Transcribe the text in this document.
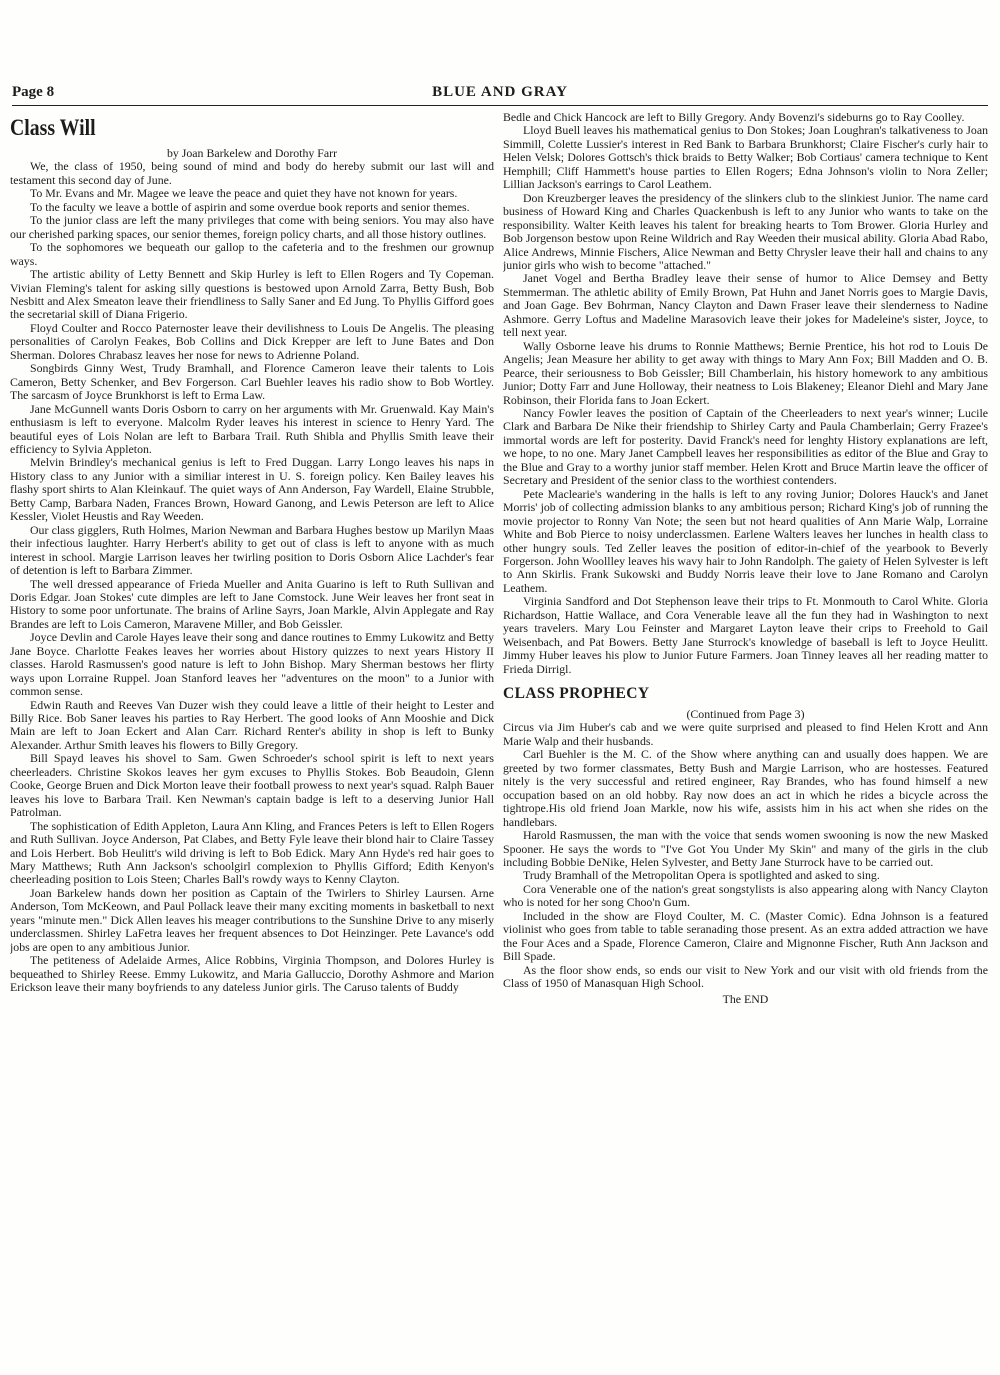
Page 8	BLUE AND GRAY
Class Will

by Joan Barkelew and Dorothy Farr

We, the class of 1950, being sound of mind and body do hereby submit our last will and testament this second day of June.

To Mr. Evans and Mr. Magee we leave the peace and quiet they have not known for years.

To the faculty we leave a bottle of aspirin and some overdue book reports and senior themes.

To the junior class are left the many privileges that come with being seniors. You may also have our cherished parking spaces, our senior themes, foreign policy charts, and all those history outlines.

To the sophomores we bequeath our gallop to the cafeteria and to the freshmen our grownup ways.

The artistic ability of Letty Bennett and Skip Hurley is left to Ellen Rogers and Ty Copeman. Vivian Fleming's talent for asking silly questions is bestowed upon Arnold Zarra, Betty Bush, Bob Nesbitt and Alex Smeaton leave their friendliness to Sally Saner and Ed Jung. To Phyllis Gifford goes the secretarial skill of Diana Frigerio.

Floyd Coulter and Rocco Paternoster leave their devilishness to Louis De Angelis. The pleasing personalities of Carolyn Feakes, Bob Collins and Dick Krepper are left to June Bates and Don Sherman. Dolores Chrabasz leaves her nose for news to Adrienne Poland.

Songbirds Ginny West, Trudy Bramhall, and Florence Cameron leave their talents to Lois Cameron, Betty Schenker, and Bev Forgerson. Carl Buehler leaves his radio show to Bob Wortley. The sarcasm of Joyce Brunkhorst is left to Erma Law.

Jane McGunnell wants Doris Osborn to carry on her arguments with Mr. Gruenwald. Kay Main's enthusiasm is left to everyone. Malcolm Ryder leaves his interest in science to Henry Yard. The beautiful eyes of Lois Nolan are left to Barbara Trail. Ruth Shibla and Phyllis Smith leave their efficiency to Sylvia Appleton.

Melvin Brindley's mechanical genius is left to Fred Duggan. Larry Longo leaves his naps in History class to any Junior with a similiar interest in U. S. foreign policy. Ken Bailey leaves his flashy sport shirts to Alan Kleinkauf. The quiet ways of Ann Anderson, Fay Wardell, Elaine Strubble, Betty Camp, Barbara Naden, Frances Brown, Howard Ganong, and Lewis Peterson are left to Alice Kessler, Violet Heustis and Ray Weeden.

Our class gigglers, Ruth Holmes, Marion Newman and Barbara Hughes bestow up Marilyn Maas their infectious laughter. Harry Herbert's ability to get out of class is left to anyone with as much interest in school. Margie Larrison leaves her twirling position to Doris Osborn Alice Lachder's fear of detention is left to Barbara Zimmer.

The well dressed appearance of Frieda Mueller and Anita Guarino is left to Ruth Sullivan and Doris Edgar. Joan Stokes' cute dimples are left to Jane Comstock. June Weir leaves her front seat in History to some poor unfortunate. The brains of Arline Sayrs, Joan Markle, Alvin Applegate and Ray Brandes are left to Lois Cameron, Maravene Miller, and Bob Geissler.

Joyce Devlin and Carole Hayes leave their song and dance routines to Emmy Lukowitz and Betty Jane Boyce. Charlotte Feakes leaves her worries about History quizzes to next years History II classes. Harold Rasmussen's good nature is left to John Bishop. Mary Sherman bestows her flirty ways upon Lorraine Ruppel. Joan Stanford leaves her "adventures on the moon" to a Junior with common sense.

Edwin Rauth and Reeves Van Duzer wish they could leave a little of their height to Lester and Billy Rice. Bob Saner leaves his parties to Ray Herbert. The good looks of Ann Mooshie and Dick Main are left to Joan Eckert and Alan Carr. Richard Renter's ability in shop is left to Bunky Alexander. Arthur Smith leaves his flowers to Billy Gregory.

Bill Spayd leaves his shovel to Sam. Gwen Schroeder's school spirit is left to next years cheerleaders. Christine Skokos leaves her gym excuses to Phyllis Stokes. Bob Beaudoin, Glenn Cooke, George Bruen and Dick Morton leave their football prowess to next year's squad. Ralph Bauer leaves his love to Barbara Trail. Ken Newman's captain badge is left to a deserving Junior Hall Patrolman.

The sophistication of Edith Appleton, Laura Ann Kling, and Frances Peters is left to Ellen Rogers and Ruth Sullivan. Joyce Anderson, Pat Clabes, and Betty Fyle leave their blond hair to Claire Tassey and Lois Herbert. Bob Heulitt's wild driving is left to Bob Edick. Mary Ann Hyde's red hair goes to Mary Matthews; Ruth Ann Jackson's schoolgirl complexion to Phyllis Gifford; Edith Kenyon's cheerleading position to Lois Steen; Charles Ball's rowdy ways to Kenny Clayton.

Joan Barkelew hands down her position as Captain of the Twirlers to Shirley Laursen. Arne Anderson, Tom McKeown, and Paul Pollack leave their many exciting moments in basketball to next years "minute men." Dick Allen leaves his meager contributions to the Sunshine Drive to any miserly underclassmen. Shirley LaFetra leaves her frequent absences to Dot Heinzinger. Pete Lavance's odd jobs are open to any ambitious Junior.

The petiteness of Adelaide Armes, Alice Robbins, Virginia Thompson, and Dolores Hurley is bequeathed to Shirley Reese. Emmy Lukowitz, and Maria Galluccio, Dorothy Ashmore and Marion Erickson leave their many boyfriends to any dateless Junior girls. The Caruso talents of Buddy

Bedle and Chick Hancock are left to Billy Gregory. Andy Bovenzi's sideburns go to Ray Coolley.

Lloyd Buell leaves his mathematical genius to Don Stokes; Joan Loughran's talkativeness to Joan Simmill, Colette Lussier's interest in Red Bank to Barbara Brunkhorst; Claire Fischer's curly hair to Helen Velsk; Dolores Gottsch's thick braids to Betty Walker; Bob Cortiaus' camera technique to Kent Hemphill; Cliff Hammett's house parties to Ellen Rogers; Edna Johnson's violin to Nora Zeller; Lillian Jackson's earrings to Carol Leathem.

Don Kreuzberger leaves the presidency of the slinkers club to the slinkiest Junior. The name card business of Howard King and Charles Quackenbush is left to any Junior who wants to take on the responsibility. Walter Keith leaves his talent for breaking hearts to Tom Brower. Gloria Hurley and Bob Jorgenson bestow upon Reine Wildrich and Ray Weeden their musical ability. Gloria Abad Rabo, Alice Andrews, Minnie Fischers, Alice Newman and Betty Chrysler leave their hall and chains to any junior girls who wish to become "attached."

Janet Vogel and Bertha Bradley leave their sense of humor to Alice Demsey and Betty Stemmerman. The athletic ability of Emily Brown, Pat Huhn and Janet Norris goes to Margie Davis, and Joan Gage. Bev Bohrman, Nancy Clayton and Dawn Fraser leave their slenderness to Nadine Ashmore. Gerry Loftus and Madeline Marasovich leave their jokes for Madeleine's sister, Joyce, to tell next year.

Wally Osborne leave his drums to Ronnie Matthews; Bernie Prentice, his hot rod to Louis De Angelis; Jean Measure her ability to get away with things to Mary Ann Fox; Bill Madden and O. B. Pearce, their seriousness to Bob Geissler; Bill Chamberlain, his history homework to any ambitious Junior; Dotty Farr and June Holloway, their neatness to Lois Blakeney; Eleanor Diehl and Mary Jane Robinson, their Florida fans to Joan Eckert.

Nancy Fowler leaves the position of Captain of the Cheerleaders to next year's winner; Lucile Clark and Barbara De Nike their friendship to Shirley Carty and Paula Chamberlain; Gerry Frazee's immortal words are left for posterity. David Franck's need for lenghty History explanations are left, we hope, to no one. Mary Janet Campbell leaves her responsibilities as editor of the Blue and Gray to the Blue and Gray to a worthy junior staff member. Helen Krott and Bruce Martin leave the officer of Secretary and President of the senior class to the worthiest contenders.

Pete Maclearie's wandering in the halls is left to any roving Junior; Dolores Hauck's and Janet Morris' job of collecting admission blanks to any ambitious person; Richard King's job of running the movie projector to Ronny Van Note; the seen but not heard qualities of Ann Marie Walp, Lorraine White and Bob Pierce to noisy underclassmen. Earlene Walters leaves her lunches in health class to other hungry souls. Ted Zeller leaves the position of editor-in-chief of the yearbook to Beverly Forgerson. John Woollley leaves his wavy hair to John Randolph. The gaiety of Helen Sylvester is left to Ann Skirlis. Frank Sukowski and Buddy Norris leave their love to Jane Romano and Carolyn Leathem.

Virginia Sandford and Dot Stephenson leave their trips to Ft. Monmouth to Carol White. Gloria Richardson, Hattie Wallace, and Cora Venerable leave all the fun they had in Washington to next years travelers. Mary Lou Feinster and Margaret Layton leave their crips to Freehold to Gail Weisenbach, and Pat Bowers. Betty Jane Sturrock's knowledge of baseball is left to Joyce Heulitt. Jimmy Huber leaves his plow to Junior Future Farmers. Joan Tinney leaves all her reading matter to Frieda Dirrigl.

CLASS PROPHECY

(Continued from Page 3)

Circus via Jim Huber's cab and we were quite surprised and pleased to find Helen Krott and Ann Marie Walp and their husbands.

Carl Buehler is the M. C. of the Show where anything can and usually does happen. We are greeted by two former classmates, Betty Bush and Margie Larrison, who are hostesses. Featured nitely is the very successful and retired engineer, Ray Brandes, who has found himself a new occupation based on an old hobby. Ray now does an act in which he rides a bicycle across the tightrope.His old friend Joan Markle, now his wife, assists him in his act when she rides on the handlebars.

Harold Rasmussen, the man with the voice that sends women swooning is now the new Masked Spooner. He says the words to "I've Got You Under My Skin" and many of the girls in the club including Bobbie DeNike, Helen Sylvester, and Betty Jane Sturrock have to be carried out.

Trudy Bramhall of the Metropolitan Opera is spotlighted and asked to sing.

Cora Venerable one of the nation's great songstylists is also appearing along with Nancy Clayton who is noted for her song Choo'n Gum.

Included in the show are Floyd Coulter, M. C. (Master Comic). Edna Johnson is a featured violinist who goes from table to table seranading those present. As an extra added attraction we have the Four Aces and a Spade, Florence Cameron, Claire and Mignonne Fischer, Ruth Ann Jackson and Bill Spade.

As the floor show ends, so ends our visit to New York and our visit with old friends from the Class of 1950 of Manasquan High School.

The END
